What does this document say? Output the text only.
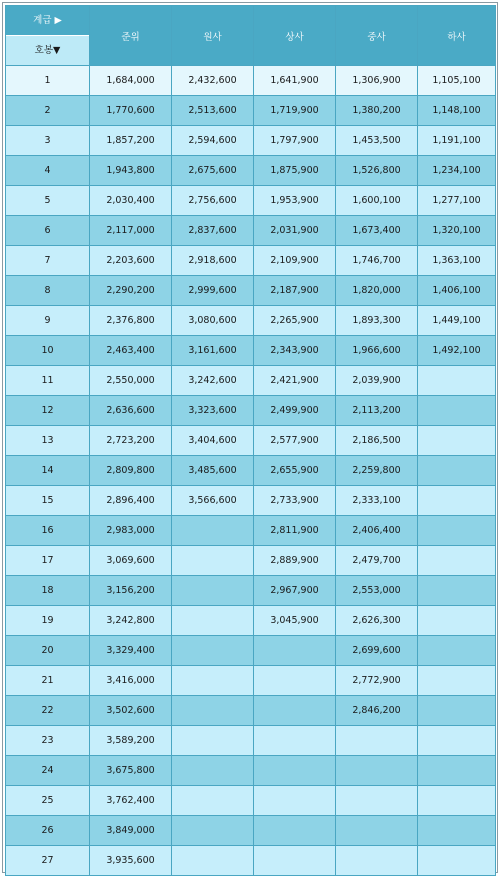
계급 ▶
호봉▼	준위	원사	상사	중사	하사
1	1,684,000	2,432,600	1,641,900	1,306,900	1,105,100
2	1,770,600	2,513,600	1,719,900	1,380,200	1,148,100
3	1,857,200	2,594,600	1,797,900	1,453,500	1,191,100
4	1,943,800	2,675,600	1,875,900	1,526,800	1,234,100
5	2,030,400	2,756,600	1,953,900	1,600,100	1,277,100
6	2,117,000	2,837,600	2,031,900	1,673,400	1,320,100
7	2,203,600	2,918,600	2,109,900	1,746,700	1,363,100
8	2,290,200	2,999,600	2,187,900	1,820,000	1,406,100
9	2,376,800	3,080,600	2,265,900	1,893,300	1,449,100
10	2,463,400	3,161,600	2,343,900	1,966,600	1,492,100
11	2,550,000	3,242,600	2,421,900	2,039,900	
12	2,636,600	3,323,600	2,499,900	2,113,200	
13	2,723,200	3,404,600	2,577,900	2,186,500	
14	2,809,800	3,485,600	2,655,900	2,259,800	
15	2,896,400	3,566,600	2,733,900	2,333,100	
16	2,983,000		2,811,900	2,406,400	
17	3,069,600		2,889,900	2,479,700	
18	3,156,200		2,967,900	2,553,000	
19	3,242,800		3,045,900	2,626,300	
20	3,329,400			2,699,600	
21	3,416,000			2,772,900	
22	3,502,600			2,846,200	
23	3,589,200				
24	3,675,800				
25	3,762,400				
26	3,849,000				
27	3,935,600				
